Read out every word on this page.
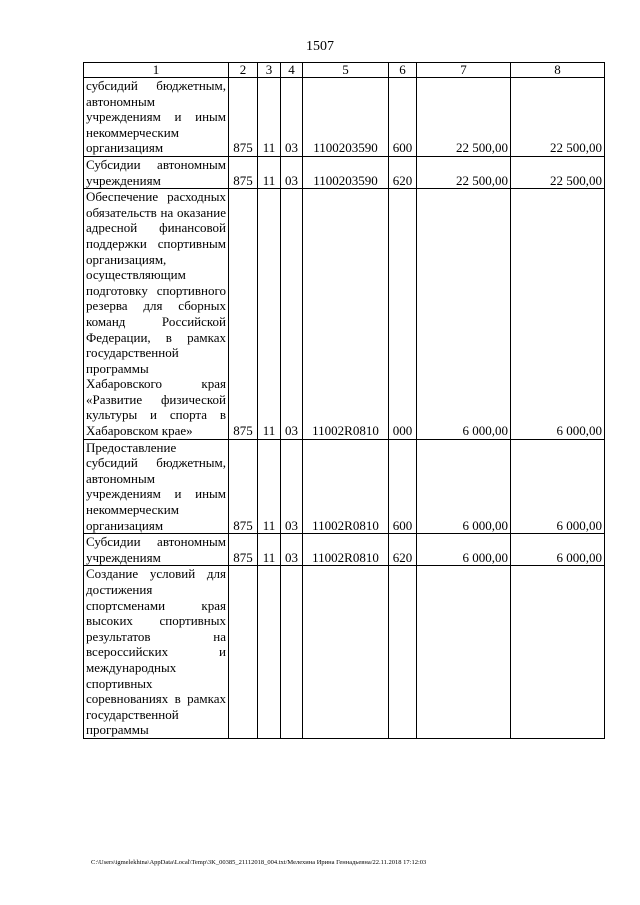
1507
1	2	3	4	5	6	7	8

субсидий бюджетным, автономным учреждениям и иным некоммерческим организациям	875	11	03	1100203590	600	22 500,00	22 500,00

Субсидии автономным учреждениям	875	11	03	1100203590	620	22 500,00	22 500,00

Обеспечение расходных обязательств на оказание адресной финансовой поддержки спортивным организациям, осуществляющим подготовку спортивного резерва для сборных команд Российской Федерации, в рамках государственной программы Хабаровского края «Развитие физической культуры и спорта в Хабаровском крае»	875	11	03	11002R0810	000	6 000,00	6 000,00

Предоставление субсидий бюджетным, автономным учреждениям и иным некоммерческим организациям	875	11	03	11002R0810	600	6 000,00	6 000,00

Субсидии автономным учреждениям	875	11	03	11002R0810	620	6 000,00	6 000,00

Создание условий для достижения спортсменами края высоких спортивных результатов на всероссийских и международных спортивных соревнованиях в рамках государственной программы							

C:\Users\igmelekhina\AppData\Local\Temp\3K_00385_21112018_004.txt/Мелехина Ирина Геннадьевна/22.11.2018 17:12:03
